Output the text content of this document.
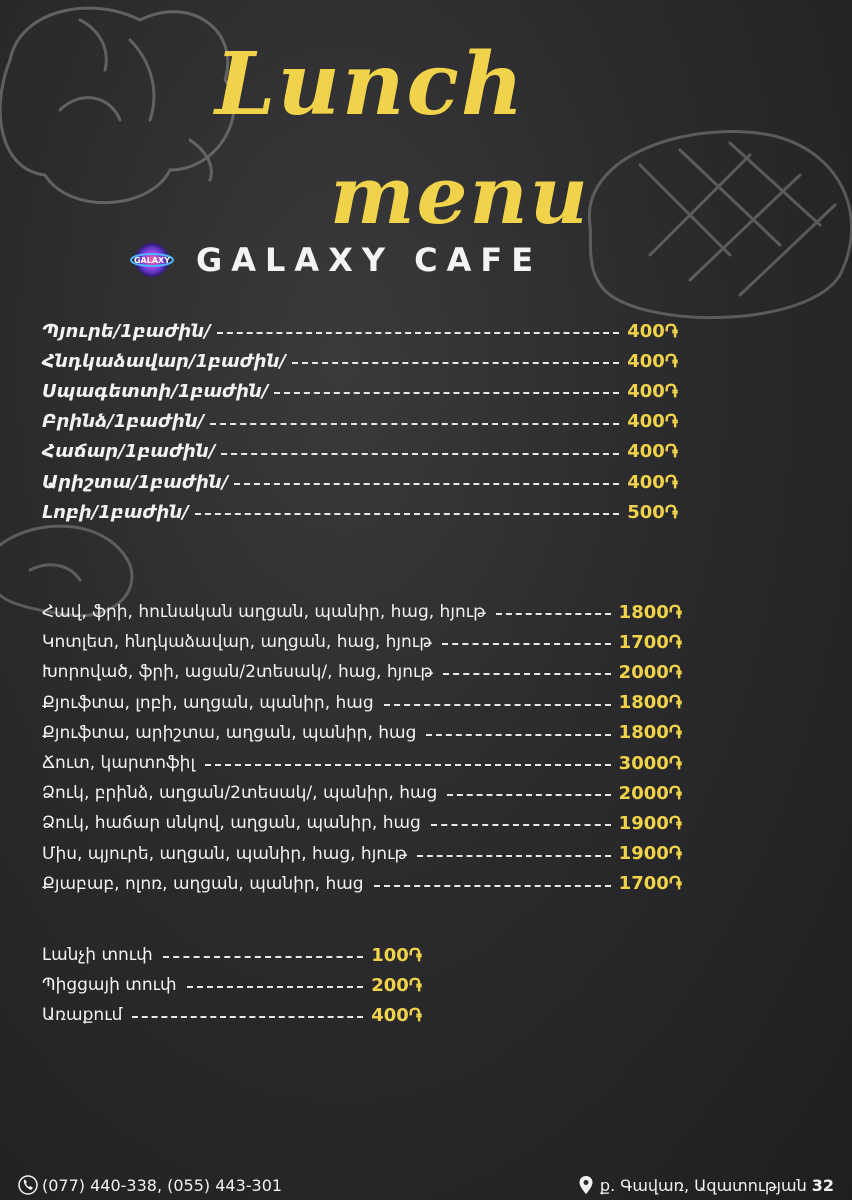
Lunch
menu
GALAXY GALAXY CAFE
Պյուրե/1բաժին/	400֏
Հնդկաձավար/1բաժին/	400֏
Սպագետտի/1բաժին/	400֏
Բրինձ/1բաժին/	400֏
Հաճար/1բաժին/	400֏
Արիշտա/1բաժին/	400֏
Լոբի/1բաժին/	500֏
Հավ, ֆրի, հունական աղցան, պանիր, հաց, հյութ	1800֏
Կոտլետ, հնդկաձավար, աղցան, հաց, հյութ	1700֏
Խորոված, ֆրի, ացան/2տեսակ/, հաց, հյութ	2000֏
Քյուֆտա, լոբի, աղցան, պանիր, հաց	1800֏
Քյուֆտա, արիշտա, աղցան, պանիր, հաց	1800֏
Ճուտ, կարտոֆիլ	3000֏
Ձուկ, բրինձ, աղցան/2տեսակ/, պանիր, հաց	2000֏
Ձուկ, հաճար սնկով, աղցան, պանիր, հաց	1900֏
Միս, պյուրե, աղցան, պանիր, հաց, հյութ	1900֏
Քյաբաբ, ոլոռ, աղցան, պանիր, հաց	1700֏
Լանչի տուփ	100֏
Պիցցայի տուփ	200֏
Առաքում	400֏
(077) 440-338, (055) 443-301	ք. Գավառ, Ազատության 32
